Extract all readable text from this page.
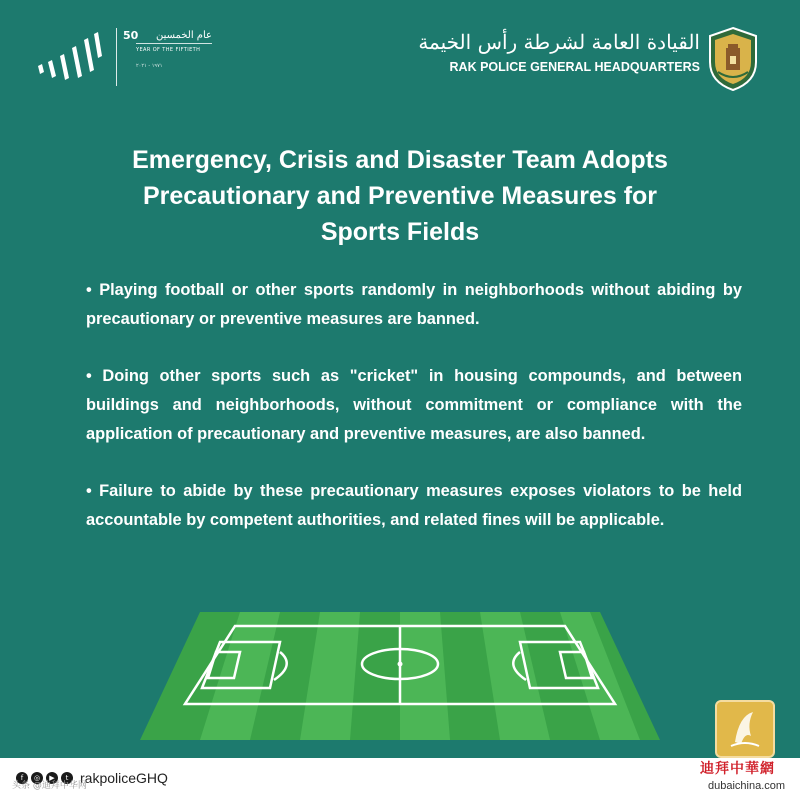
50	عام الخمسين
YEAR OF THE FIFTIETH
١٩٧١ - ٢٠٢١
القيادة العامة لشرطة رأس الخيمة
RAK POLICE GENERAL HEADQUARTERS
Emergency, Crisis and Disaster Team Adopts
Precautionary and Preventive Measures for
Sports Fields

• Playing football or other sports randomly in neighborhoods without abiding by precautionary or preventive measures are banned.

• Doing other sports such as "cricket" in housing compounds, and between buildings and neighborhoods, without commitment or compliance with the application of precautionary and preventive measures, are also banned.

• Failure to abide by these precautionary measures exposes violators to be held accountable by competent authorities, and related fines will be applicable.

f	◎	▶	t rakpoliceGHQ
头条 @迪拜中华网
迪拜中華網
dubaichina.com
